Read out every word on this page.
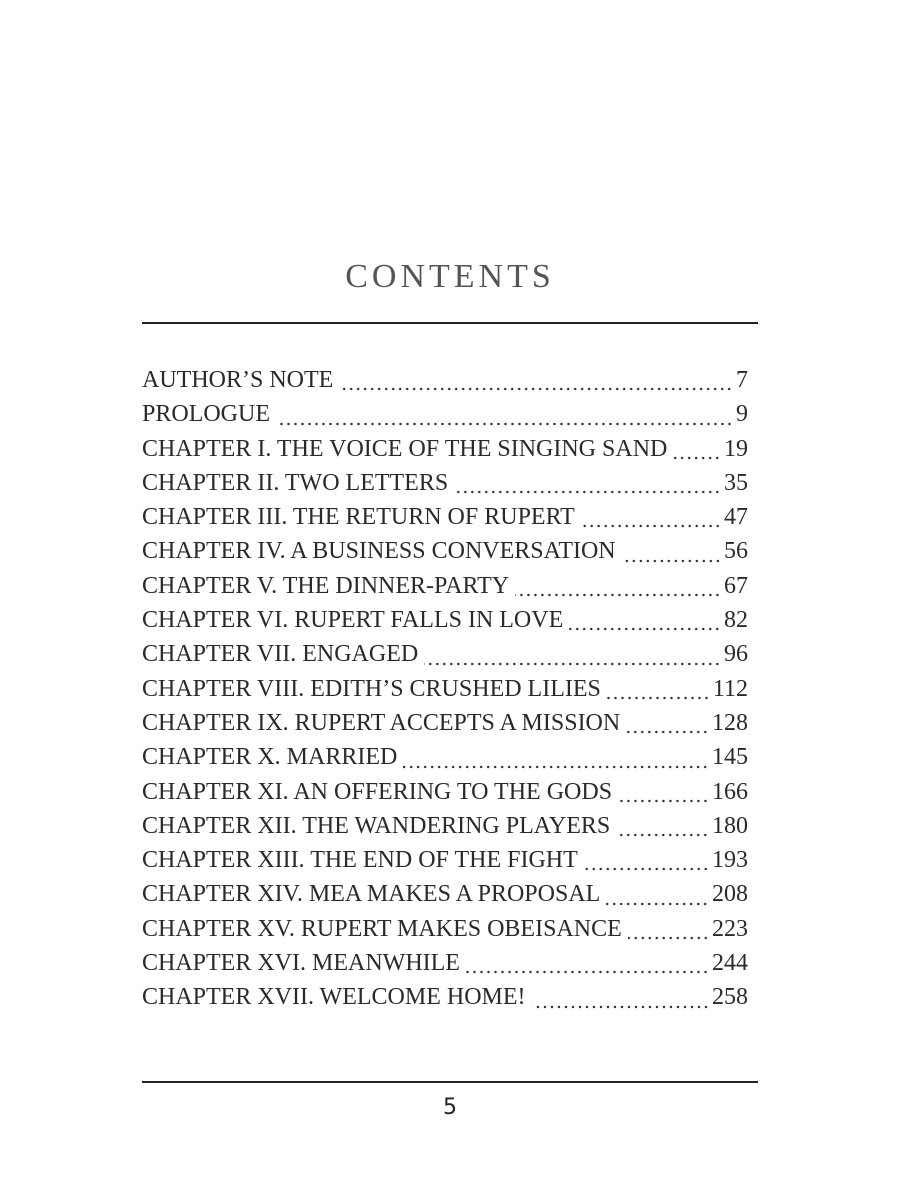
CONTENTS
AUTHOR’S NOTE	7
PROLOGUE	9
CHAPTER I. THE VOICE OF THE SINGING SAND 19
CHAPTER II. TWO LETTERS	35
CHAPTER III. THE RETURN OF RUPERT	47
CHAPTER IV. A BUSINESS CONVERSATION	56
CHAPTER V. THE DINNER-PARTY	67
CHAPTER VI. RUPERT FALLS IN LOVE	82
CHAPTER VII. ENGAGED	96
CHAPTER VIII. EDITH’S CRUSHED LILIES	112
CHAPTER IX. RUPERT ACCEPTS A MISSION	128
CHAPTER X. MARRIED	145
CHAPTER XI. AN OFFERING TO THE GODS	166
CHAPTER XII. THE WANDERING PLAYERS	180
CHAPTER XIII. THE END OF THE FIGHT	193
CHAPTER XIV. MEA MAKES A PROPOSAL	208
CHAPTER XV. RUPERT MAKES OBEISANCE	223
CHAPTER XVI. MEANWHILE	244
CHAPTER XVII. WELCOME HOME!	258
5
